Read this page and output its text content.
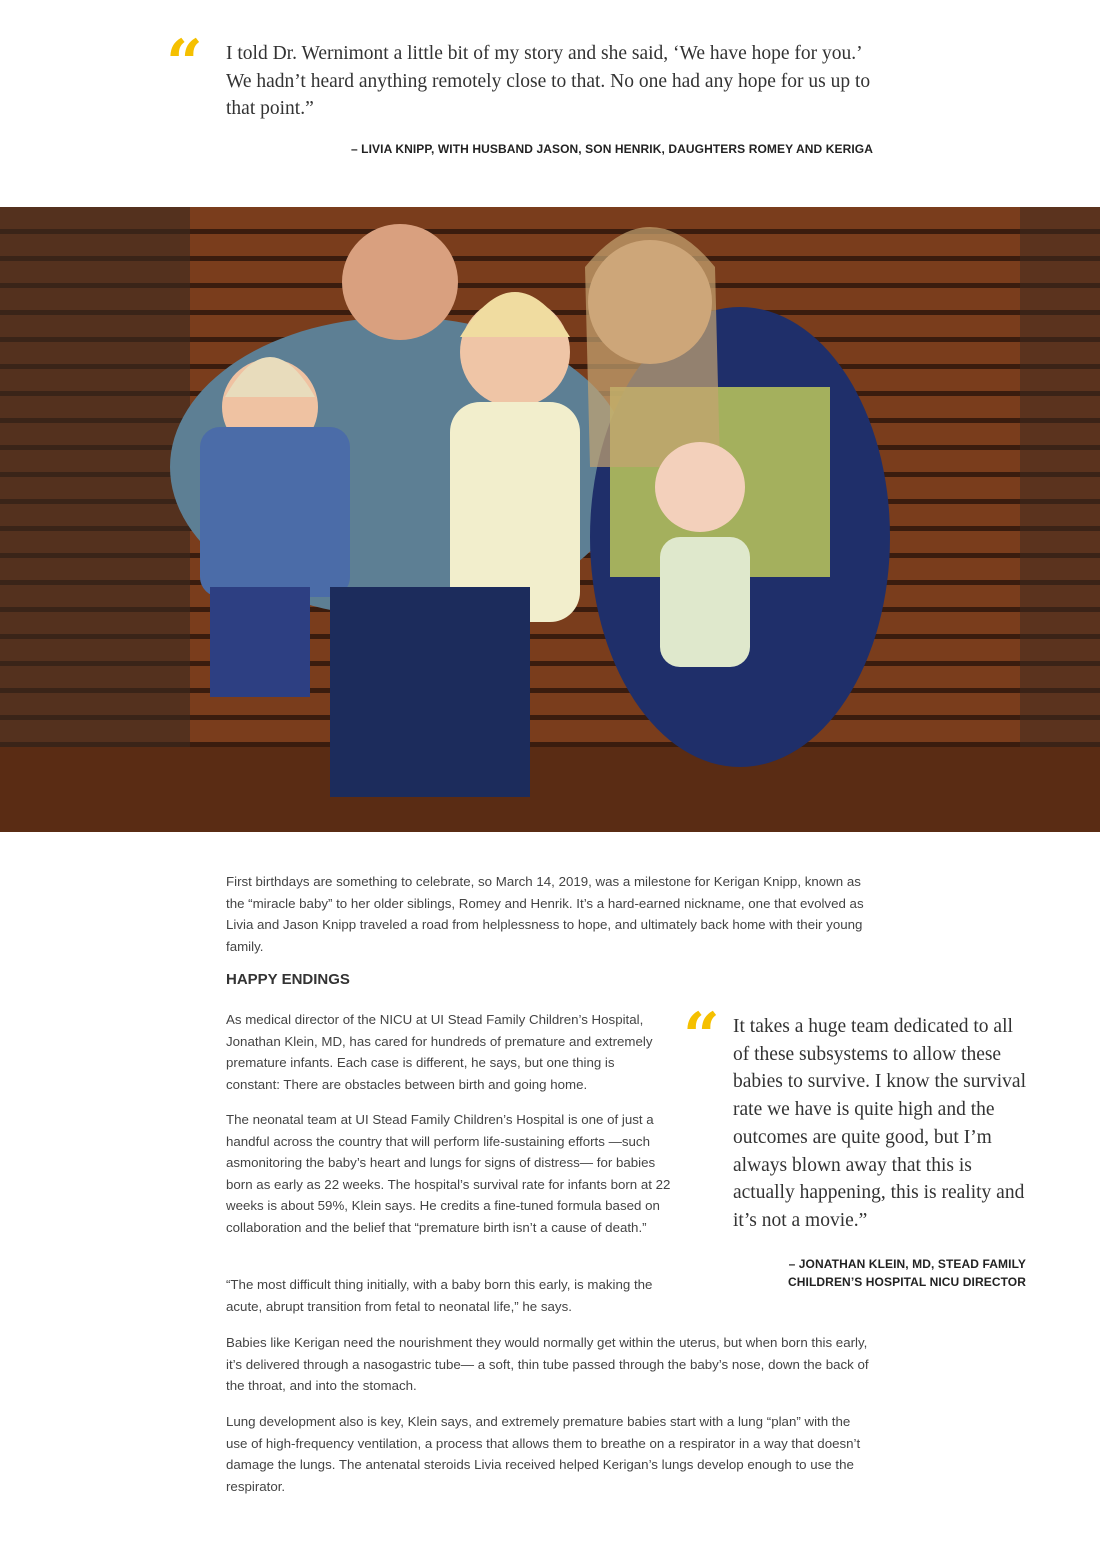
“ I told Dr. Wernimont a little bit of my story and she said, ‘We have hope for you.’ We hadn’t heard anything remotely close to that. No one had any hope for us up to that point.”

– LIVIA KNIPP, WITH HUSBAND JASON, SON HENRIK, DAUGHTERS ROMEY AND KERIGA

First birthdays are something to celebrate, so March 14, 2019, was a milestone for Kerigan Knipp, known as the “miracle baby” to her older siblings, Romey and Henrik. It’s a hard-earned nickname, one that evolved as Livia and Jason Knipp traveled a road from helplessness to hope, and ultimately back home with their young family.

HAPPY ENDINGS

As medical director of the NICU at UI Stead Family Children’s Hospital, Jonathan Klein, MD, has cared for hundreds of premature and extremely premature infants. Each case is different, he says, but one thing is constant: There are obstacles between birth and going home.

The neonatal team at UI Stead Family Children’s Hospital is one of just a handful across the country that will perform life-sustaining efforts —such asmonitoring the baby’s heart and lungs for signs of distress— for babies born as early as 22 weeks. The hospital’s survival rate for infants born at 22 weeks is about 59%, Klein says. He credits a fine-tuned formula based on collaboration and the belief that “premature birth isn’t a cause of death.”

“The most difficult thing initially, with a baby born this early, is making the acute, abrupt transition from fetal to neonatal life,” he says.

“ It takes a huge team dedicated to all of these subsystems to allow these babies to survive. I know the survival rate we have is quite high and the outcomes are quite good, but I’m always blown away that this is actually happening, this is reality and it’s not a movie.”

– JONATHAN KLEIN, MD, STEAD FAMILY
CHILDREN’S HOSPITAL NICU DIRECTOR

Babies like Kerigan need the nourishment they would normally get within the uterus, but when born this early, it’s delivered through a nasogastric tube— a soft, thin tube passed through the baby’s nose, down the back of the throat, and into the stomach.

Lung development also is key, Klein says, and extremely premature babies start with a lung “plan” with the use of high-frequency ventilation, a process that allows them to breathe on a respirator in a way that doesn’t damage the lungs. The antenatal steroids Livia received helped Kerigan’s lungs develop enough to use the respirator.
